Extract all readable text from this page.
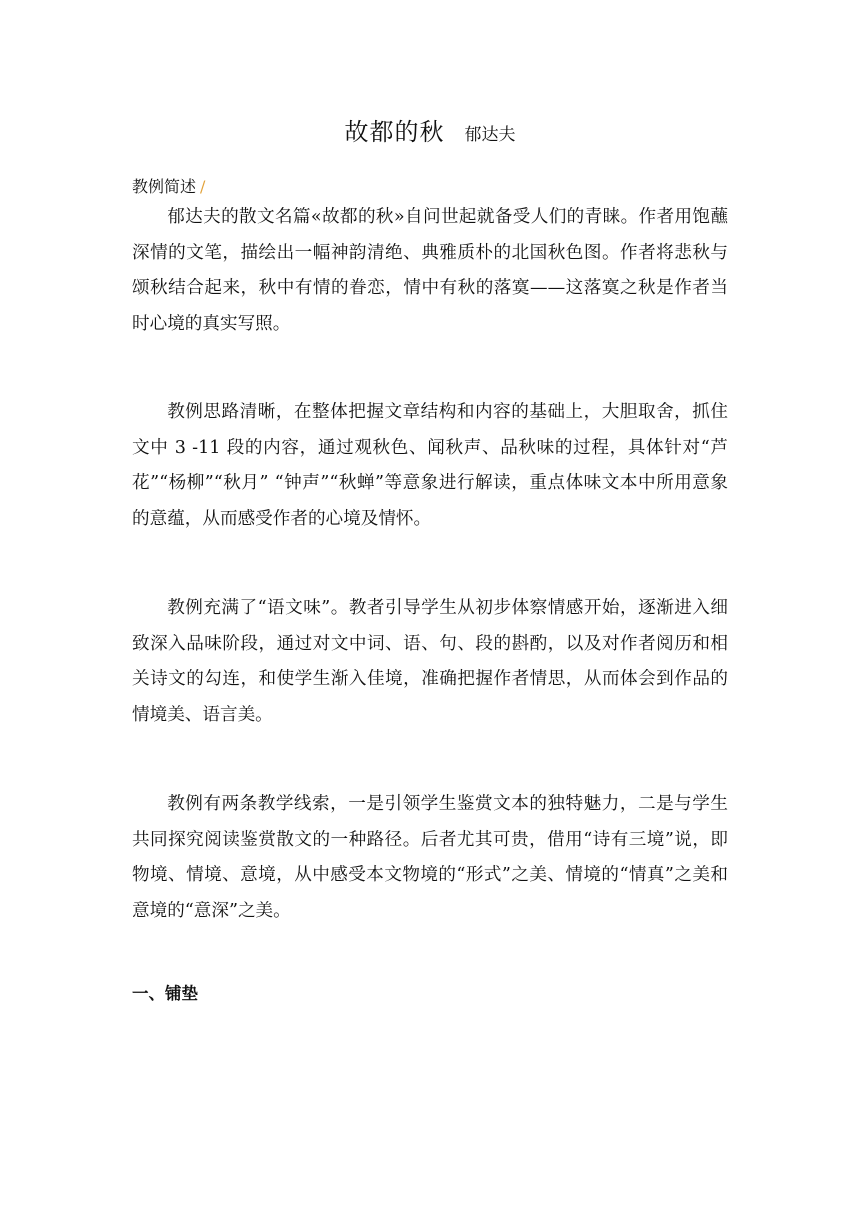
故都的秋 郁达夫
教例简述 /

郁达夫的散文名篇«故都的秋»自问世起就备受人们的青睐。作者用饱蘸深情的文笔，描绘出一幅神韵清绝、典雅质朴的北国秋色图。作者将悲秋与颂秋结合起来，秋中有情的眷恋，情中有秋的落寞——这落寞之秋是作者当时心境的真实写照。

教例思路清晰，在整体把握文章结构和内容的基础上，大胆取舍，抓住文中 3 -11 段的内容，通过观秋色、闻秋声、品秋味的过程，具体针对“芦花”“杨柳”“秋月” “钟声”“秋蝉”等意象进行解读，重点体味文本中所用意象的意蕴，从而感受作者的心境及情怀。

教例充满了“语文味”。教者引导学生从初步体察情感开始，逐渐进入细致深入品味阶段，通过对文中词、语、句、段的斟酌，以及对作者阅历和相关诗文的勾连，和使学生渐入佳境，准确把握作者情思，从而体会到作品的情境美、语言美。

教例有两条教学线索，一是引领学生鉴赏文本的独特魅力，二是与学生共同探究阅读鉴赏散文的一种路径。后者尤其可贵，借用“诗有三境”说，即物境、情境、意境，从中感受本文物境的“形式”之美、情境的“情真”之美和意境的“意深”之美。

一、铺垫
